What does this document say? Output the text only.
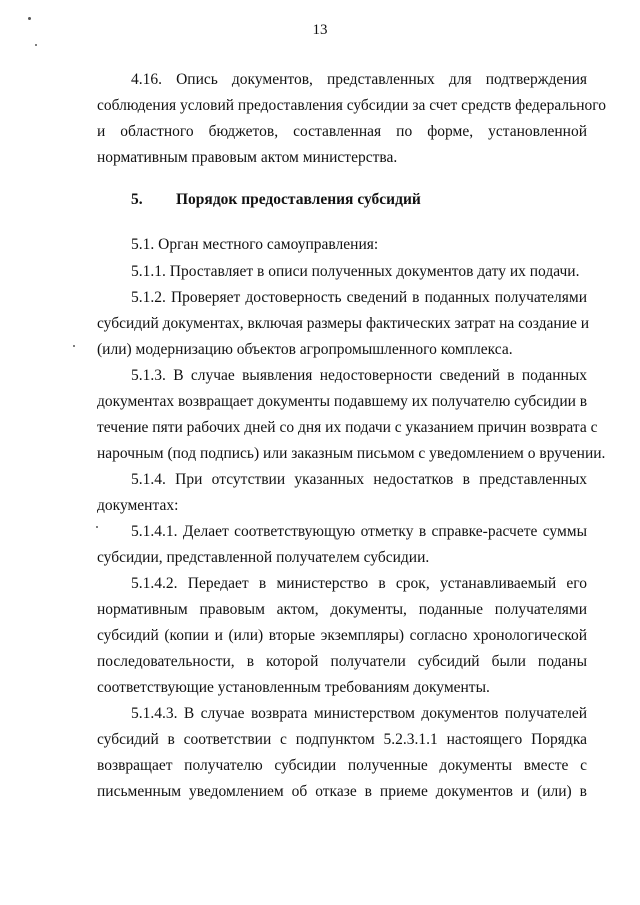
13
4.16. Опись документов, представленных для подтверждения
соблюдения условий предоставления субсидии за счет средств федерального
и областного бюджетов, составленная по форме, установленной
нормативным правовым актом министерства.
5. Порядок предоставления субсидий
5.1. Орган местного самоуправления:
5.1.1. Проставляет в описи полученных документов дату их подачи.
5.1.2. Проверяет достоверность сведений в поданных получателями
субсидий документах, включая размеры фактических затрат на создание и
(или) модернизацию объектов агропромышленного комплекса.
5.1.3. В случае выявления недостоверности сведений в поданных
документах возвращает документы подавшему их получателю субсидии в
течение пяти рабочих дней со дня их подачи с указанием причин возврата с
нарочным (под подпись) или заказным письмом с уведомлением о вручении.
5.1.4. При отсутствии указанных недостатков в представленных
документах:
5.1.4.1. Делает соответствующую отметку в справке-расчете суммы
субсидии, представленной получателем субсидии.
5.1.4.2. Передает в министерство в срок, устанавливаемый его
нормативным правовым актом, документы, поданные получателями
субсидий (копии и (или) вторые экземпляры) согласно хронологической
последовательности, в которой получатели субсидий были поданы
соответствующие установленным требованиям документы.
5.1.4.3. В случае возврата министерством документов получателей
субсидий в соответствии с подпунктом 5.2.3.1.1 настоящего Порядка
возвращает получателю субсидии полученные документы вместе с
письменным уведомлением об отказе в приеме документов и (или) в
